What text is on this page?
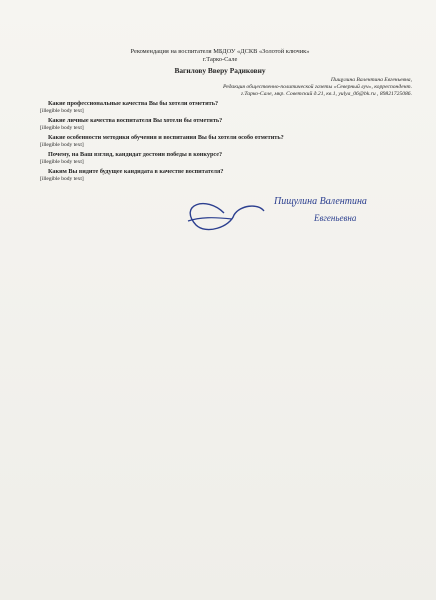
Рекомендация на воспитателя МБДОУ «ДСКВ «Золотой ключик»
г.Тарко-Сале
Вагиловy Вверy Радиковнy
Пищулина Валентина Евгеньевна,
Редакция общественно-политической газеты «Северный луч», корреспондент.
г.Тарко-Сале, мкр. Советский д.21, кв.1, yulya_06@bk.ru , 89821725086.
Какие профессиональные качества Вы бы хотели отметить?

[illegible body text]

Какие личные качества воспитателя Вы хотели бы отметить?

[illegible body text]

Какие особенности методики обучения и воспитания Вы бы хотели особо отметить?

[illegible body text]

Почему, на Ваш взгляд, кандидат достоин победы в конкурсе?

[illegible body text]

Каким Вы видите будущее кандидата в качестве воспитателя?

[illegible body text]

Пищулина Валентина
Евгеньевна
